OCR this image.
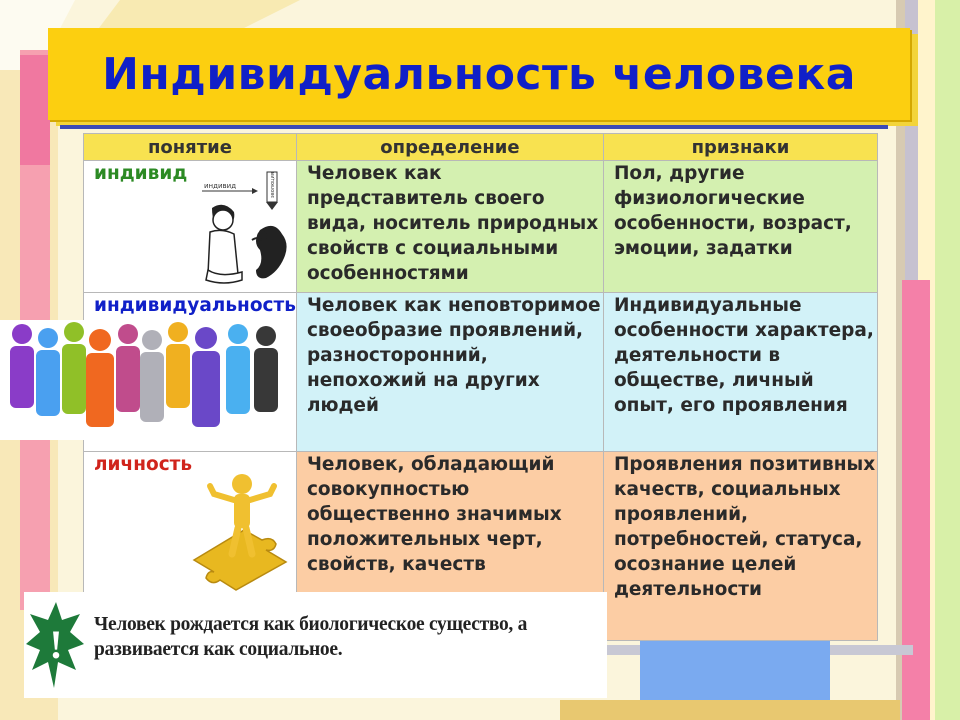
Индивидуальность человека
понятие	определение	признаки

индивид	Человек как представитель своего вида, носитель природных свойств с социальными особенностями	Пол, другие физиологические особенности, возраст, эмоции, задатки

индивидуальность	Человек как неповторимое своеобразие проявлений, разносторонний, непохожий на других людей	Индивидуальные особенности характера, деятельности в обществе, личный опыт, его проявления

личность	Человек, обладающий совокупностью общественно значимых положительных черт, свойств, качеств	Проявления позитивных качеств, социальных проявлений, потребностей, статуса, осознание целей деятельности
индивид	эволюция
! Человек рождается как биологическое существо, а развивается как социальное.
